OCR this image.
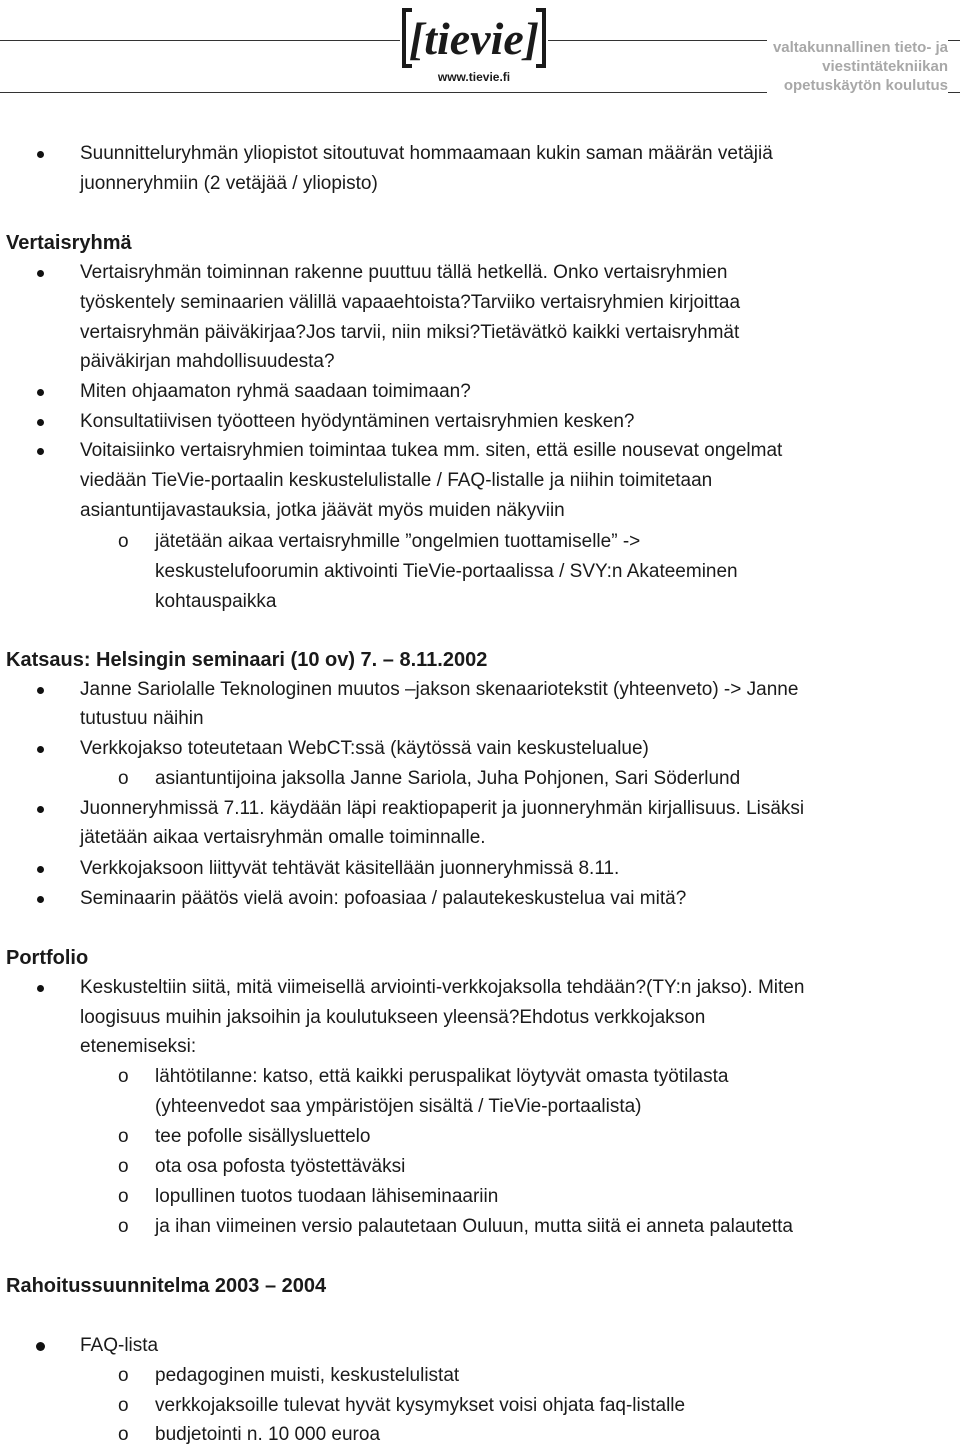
[tievie]
www.tievie.fi
valtakunnallinen tieto- ja
viestintätekniikan
opetuskäytön koulutus
Suunnitteluryhmän yliopistot sitoutuvat hommaamaan kukin saman määrän vetäjiä
juonneryhmiin (2 vetäjää / yliopisto)
Vertaisryhmä
Vertaisryhmän toiminnan rakenne puuttuu tällä hetkellä. Onko vertaisryhmien
työskentely seminaarien välillä vapaaehtoista?Tarviiko vertaisryhmien kirjoittaa
vertaisryhmän päiväkirjaa?Jos tarvii, niin miksi?Tietävätkö kaikki vertaisryhmät
päiväkirjan mahdollisuudesta?
Miten ohjaamaton ryhmä saadaan toimimaan?
Konsultatiivisen työotteen hyödyntäminen vertaisryhmien kesken?
Voitaisiinko vertaisryhmien toimintaa tukea mm. siten, että esille nousevat ongelmat
viedään TieVie-portaalin keskustelulistalle / FAQ-listalle ja niihin toimitetaan
asiantuntijavastauksia, jotka jäävät myös muiden näkyviin
o jätetään aikaa vertaisryhmille ”ongelmien tuottamiselle” ->
keskustelufoorumin aktivointi TieVie-portaalissa / SVY:n Akateeminen
kohtauspaikka
Katsaus: Helsingin seminaari (10 ov) 7. – 8.11.2002
Janne Sariolalle Teknologinen muutos –jakson skenaariotekstit (yhteenveto) -> Janne
tutustuu näihin
Verkkojakso toteutetaan WebCT:ssä (käytössä vain keskustelualue)
o asiantuntijoina jaksolla Janne Sariola, Juha Pohjonen, Sari Söderlund
Juonneryhmissä 7.11. käydään läpi reaktiopaperit ja juonneryhmän kirjallisuus. Lisäksi
jätetään aikaa vertaisryhmän omalle toiminnalle.
Verkkojaksoon liittyvät tehtävät käsitellään juonneryhmissä 8.11.
Seminaarin päätös vielä avoin: pofoasiaa / palautekeskustelua vai mitä?
Portfolio
Keskusteltiin siitä, mitä viimeisellä arviointi-verkkojaksolla tehdään?(TY:n jakso). Miten
loogisuus muihin jaksoihin ja koulutukseen yleensä?Ehdotus verkkojakson
etenemiseksi:
o lähtötilanne: katso, että kaikki peruspalikat löytyvät omasta työtilasta
(yhteenvedot saa ympäristöjen sisältä / TieVie-portaalista)
o tee pofolle sisällysluettelo
o ota osa pofosta työstettäväksi
o lopullinen tuotos tuodaan lähiseminaariin
o ja ihan viimeinen versio palautetaan Ouluun, mutta siitä ei anneta palautetta
Rahoitussuunnitelma 2003 – 2004
FAQ-lista
o pedagoginen muisti, keskustelulistat
o verkkojaksoille tulevat hyvät kysymykset voisi ohjata faq-listalle
o budjetointi n. 10 000 euroa
